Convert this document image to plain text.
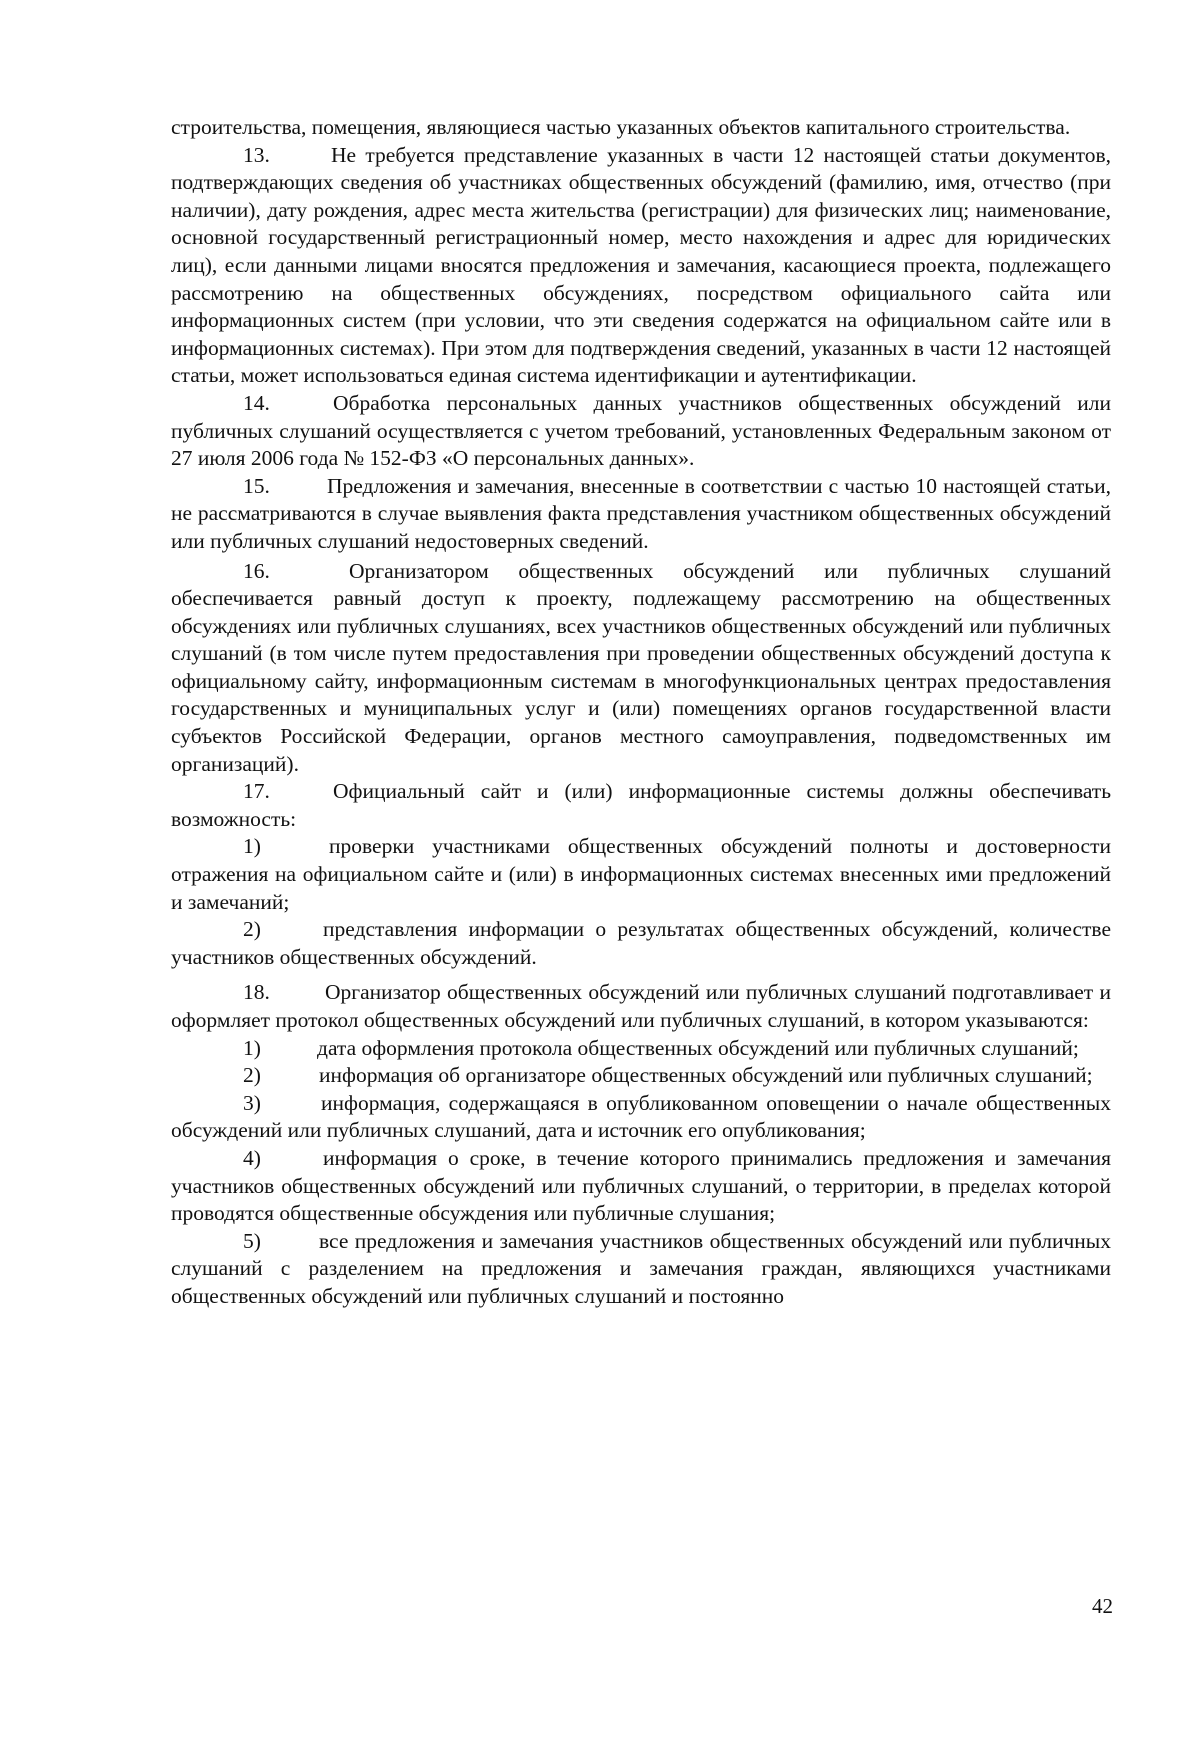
строительства, помещения, являющиеся частью указанных объектов капитального строительства.

13.	Не требуется представление указанных в части 12 настоящей статьи документов, подтверждающих сведения об участниках общественных обсуждений (фамилию, имя, отчество (при наличии), дату рождения, адрес места жительства (регистрации) для физических лиц; наименование, основной государственный регистрационный номер, место нахождения и адрес для юридических лиц), если данными лицами вносятся предложения и замечания, касающиеся проекта, подлежащего рассмотрению на общественных обсуждениях, посредством официального сайта или информационных систем (при условии, что эти сведения содержатся на официальном сайте или в информационных системах). При этом для подтверждения сведений, указанных в части 12 настоящей статьи, может использоваться единая система идентификации и аутентификации.

14.	Обработка персональных данных участников общественных обсуждений или публичных слушаний осуществляется с учетом требований, установленных Федеральным законом от 27 июля 2006 года № 152-ФЗ «О персональных данных».

15.	Предложения и замечания, внесенные в соответствии с частью 10 настоящей статьи, не рассматриваются в случае выявления факта представления участником общественных обсуждений или публичных слушаний недостоверных сведений.

16.	Организатором общественных обсуждений или публичных слушаний обеспечивается равный доступ к проекту, подлежащему рассмотрению на общественных обсуждениях или публичных слушаниях, всех участников общественных обсуждений или публичных слушаний (в том числе путем предоставления при проведении общественных обсуждений доступа к официальному сайту, информационным системам в многофункциональных центрах предоставления государственных и муниципальных услуг и (или) помещениях органов государственной власти субъектов Российской Федерации, органов местного самоуправления, подведомственных им организаций).

17.	Официальный сайт и (или) информационные системы должны обеспечивать возможность:

1)	проверки участниками общественных обсуждений полноты и достоверности отражения на официальном сайте и (или) в информационных системах внесенных ими предложений и замечаний;

2)	представления информации о результатах общественных обсуждений, количестве участников общественных обсуждений.

18.	Организатор общественных обсуждений или публичных слушаний подготавливает и оформляет протокол общественных обсуждений или публичных слушаний, в котором указываются:

1)	дата оформления протокола общественных обсуждений или публичных слушаний;

2)	информация об организаторе общественных обсуждений или публичных слушаний;

3)	информация, содержащаяся в опубликованном оповещении о начале общественных обсуждений или публичных слушаний, дата и источник его опубликования;

4)	информация о сроке, в течение которого принимались предложения и замечания участников общественных обсуждений или публичных слушаний, о территории, в пределах которой проводятся общественные обсуждения или публичные слушания;

5)	все предложения и замечания участников общественных обсуждений или публичных слушаний с разделением на предложения и замечания граждан, являющихся участниками общественных обсуждений или публичных слушаний и постоянно

42
